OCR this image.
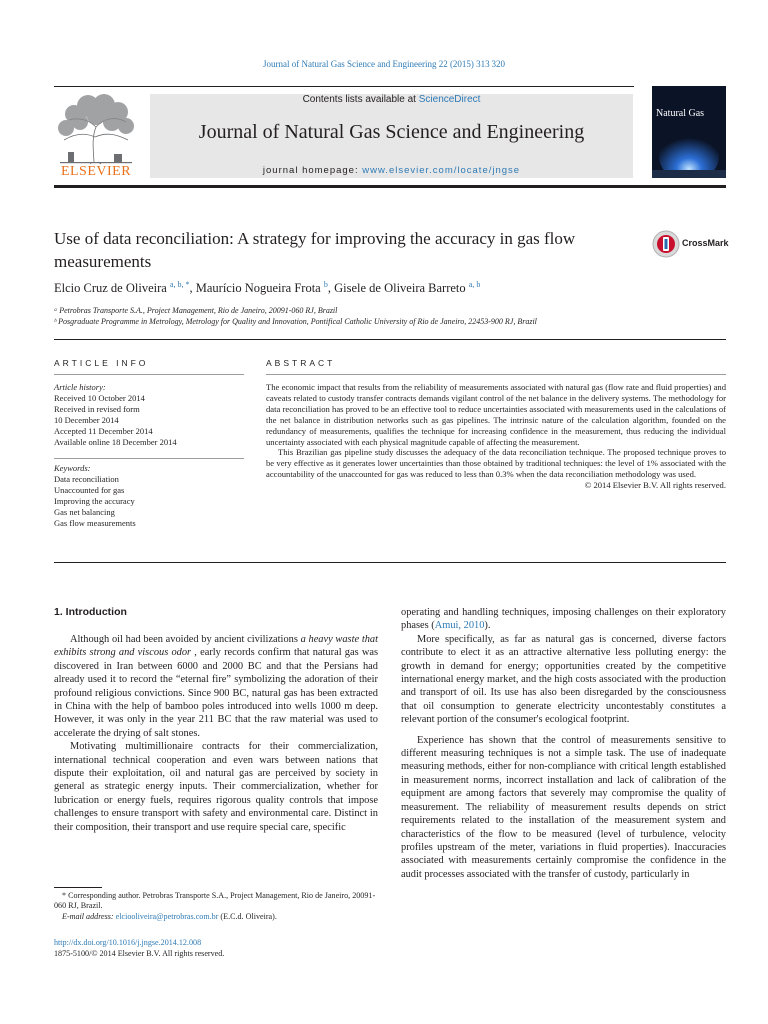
Journal of Natural Gas Science and Engineering 22 (2015) 313 320
ELSEVIER
Contents lists available at ScienceDirect
Journal of Natural Gas Science and Engineering
journal homepage: www.elsevier.com/locate/jngse
Natural Gas
Use of data reconciliation: A strategy for improving the accuracy in gas flow measurements
CrossMark
Elcio Cruz de Oliveira $^{a, b, *}$, Maurício Nogueira Frota $^b$, Gisele de Oliveira Barreto $^{a, b}$
ᵃ Petrobras Transporte S.A., Project Management, Rio de Janeiro, 20091-060 RJ, Brazil
ᵇ Posgraduate Programme in Metrology, Metrology for Quality and Innovation, Pontifical Catholic University of Rio de Janeiro, 22453-900 RJ, Brazil
ARTICLE INFO
Article history:
Received 10 October 2014
Received in revised form
10 December 2014
Accepted 11 December 2014
Available online 18 December 2014
Keywords:
Data reconciliation
Unaccounted for gas
Improving the accuracy
Gas net balancing
Gas flow measurements
ABSTRACT

The economic impact that results from the reliability of measurements associated with natural gas (flow rate and fluid properties) and caveats related to custody transfer contracts demands vigilant control of the net balance in the delivery systems. The methodology for data reconciliation has proved to be an effective tool to reduce uncertainties associated with measurements used in the calculations of the net balance in distribution networks such as gas pipelines. The intrinsic nature of the calculation algorithm, founded on the redundancy of measurements, qualifies the technique for increasing confidence in the measurement, thus reducing the individual uncertainty associated with each physical magnitude capable of affecting the measurement.

This Brazilian gas pipeline study discusses the adequacy of the data reconciliation technique. The proposed technique proves to be very effective as it generates lower uncertainties than those obtained by traditional techniques: the level of 1% associated with the accountability of the unaccounted for gas was reduced to less than 0.3% when the data reconciliation methodology was used.

© 2014 Elsevier B.V. All rights reserved.

1. Introduction

Although oil had been avoided by ancient civilizations a heavy waste that exhibits strong and viscous odor , early records confirm that natural gas was discovered in Iran between 6000 and 2000 BC and that the Persians had already used it to record the “eternal fire” symbolizing the adoration of their profound religious convictions. Since 900 BC, natural gas has been extracted in China with the help of bamboo poles introduced into wells 1000 m deep. However, it was only in the year 211 BC that the raw material was used to accelerate the drying of salt stones.

Motivating multimillionaire contracts for their commercialization, international technical cooperation and even wars between nations that dispute their exploitation, oil and natural gas are perceived by society in general as strategic energy inputs. Their commercialization, whether for lubrication or energy fuels, requires rigorous quality controls that impose challenges to ensure transport with safety and environmental care. Distinct in their composition, their transport and use require special care, specific

operating and handling techniques, imposing challenges on their exploratory phases (Amui, 2010).

More specifically, as far as natural gas is concerned, diverse factors contribute to elect it as an attractive alternative less polluting energy: the growth in demand for energy; opportunities created by the competitive international energy market, and the high costs associated with the production and transport of oil. Its use has also been disregarded by the consciousness that oil consumption to generate electricity uncontestably constitutes a relevant portion of the consumer's ecological footprint.

Experience has shown that the control of measurements sensitive to different measuring techniques is not a simple task. The use of inadequate measuring methods, either for non-compliance with critical length established in measurement norms, incorrect installation and lack of calibration of the equipment are among factors that severely may compromise the quality of measurement. The reliability of measurement results depends on strict requirements related to the installation of the measurement system and characteristics of the flow to be measured (level of turbulence, velocity profiles upstream of the meter, variations in fluid properties). Inaccuracies associated with measurements certainly compromise the confidence in the audit processes associated with the transfer of custody, particularly in

* Corresponding author. Petrobras Transporte S.A., Project Management, Rio de Janeiro, 20091-060 RJ, Brazil.

E-mail address: elciooliveira@petrobras.com.br (E.C.d. Oliveira).

http://dx.doi.org/10.1016/j.jngse.2014.12.008
1875-5100/© 2014 Elsevier B.V. All rights reserved.
